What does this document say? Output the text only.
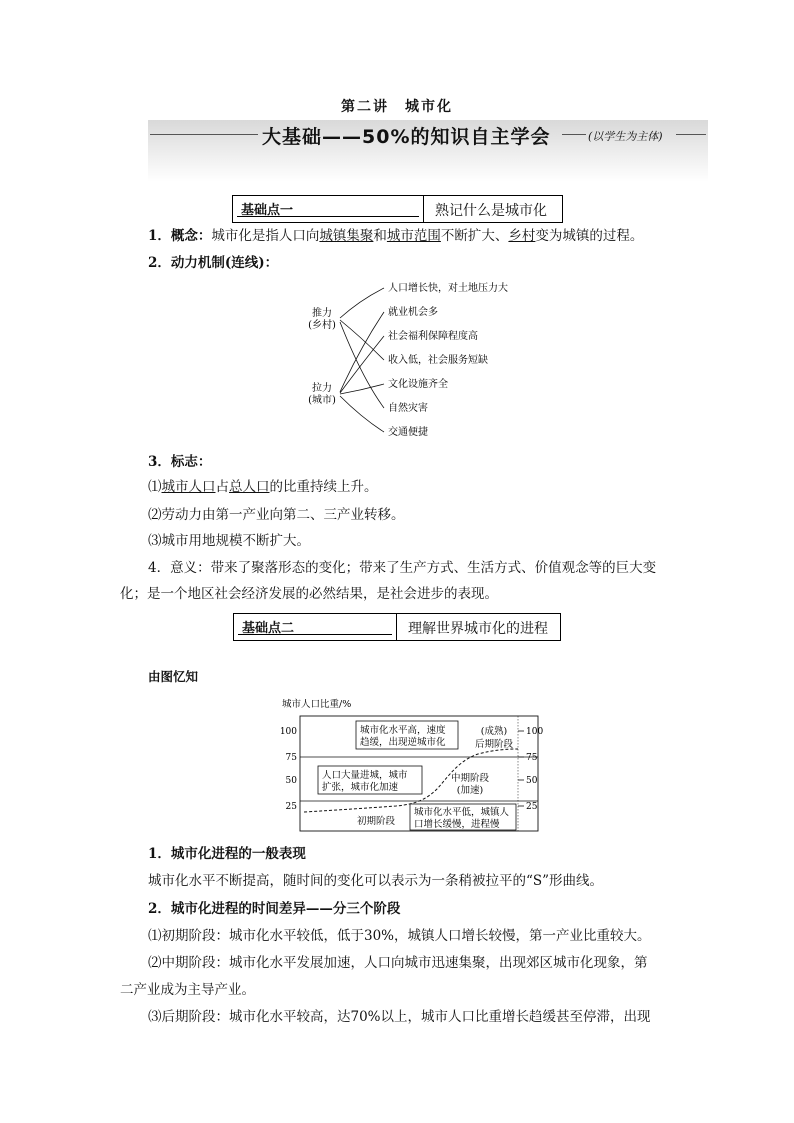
第二讲　城市化
大基础——50%的知识自主学会	(以学生为主体)
基础点一	熟记什么是城市化
1．概念：城市化是指人口向城镇集聚和城市范围不断扩大、乡村变为城镇的过程。
2．动力机制(连线)：
推力
(乡村)
拉力
(城市)
人口增长快，对土地压力大
就业机会多
社会福利保障程度高
收入低，社会服务短缺
文化设施齐全
自然灾害
交通便捷
3．标志：
⑴城市人口占总人口的比重持续上升。
⑵劳动力由第一产业向第二、三产业转移。
⑶城市用地规模不断扩大。
4．意义：带来了聚落形态的变化；带来了生产方式、生活方式、价值观念等的巨大变
化；是一个地区社会经济发展的必然结果，是社会进步的表现。
基础点二	理解世界城市化的进程
由图忆知
城市人口比重/%
100
75
50
25
100
75
50
25
城市化水平高，速度
趋缓，出现逆城市化
(成熟)
后期阶段
人口大量进城，城市
扩张，城市化加速
中期阶段
(加速)
初期阶段
城市化水平低，城镇人
口增长缓慢，进程慢
1．城市化进程的一般表现
城市化水平不断提高，随时间的变化可以表示为一条稍被拉平的“S”形曲线。
2．城市化进程的时间差异——分三个阶段
⑴初期阶段：城市化水平较低，低于30%，城镇人口增长较慢，第一产业比重较大。
⑵中期阶段：城市化水平发展加速，人口向城市迅速集聚，出现郊区城市化现象，第
二产业成为主导产业。
⑶后期阶段：城市化水平较高，达70%以上，城市人口比重增长趋缓甚至停滞，出现
